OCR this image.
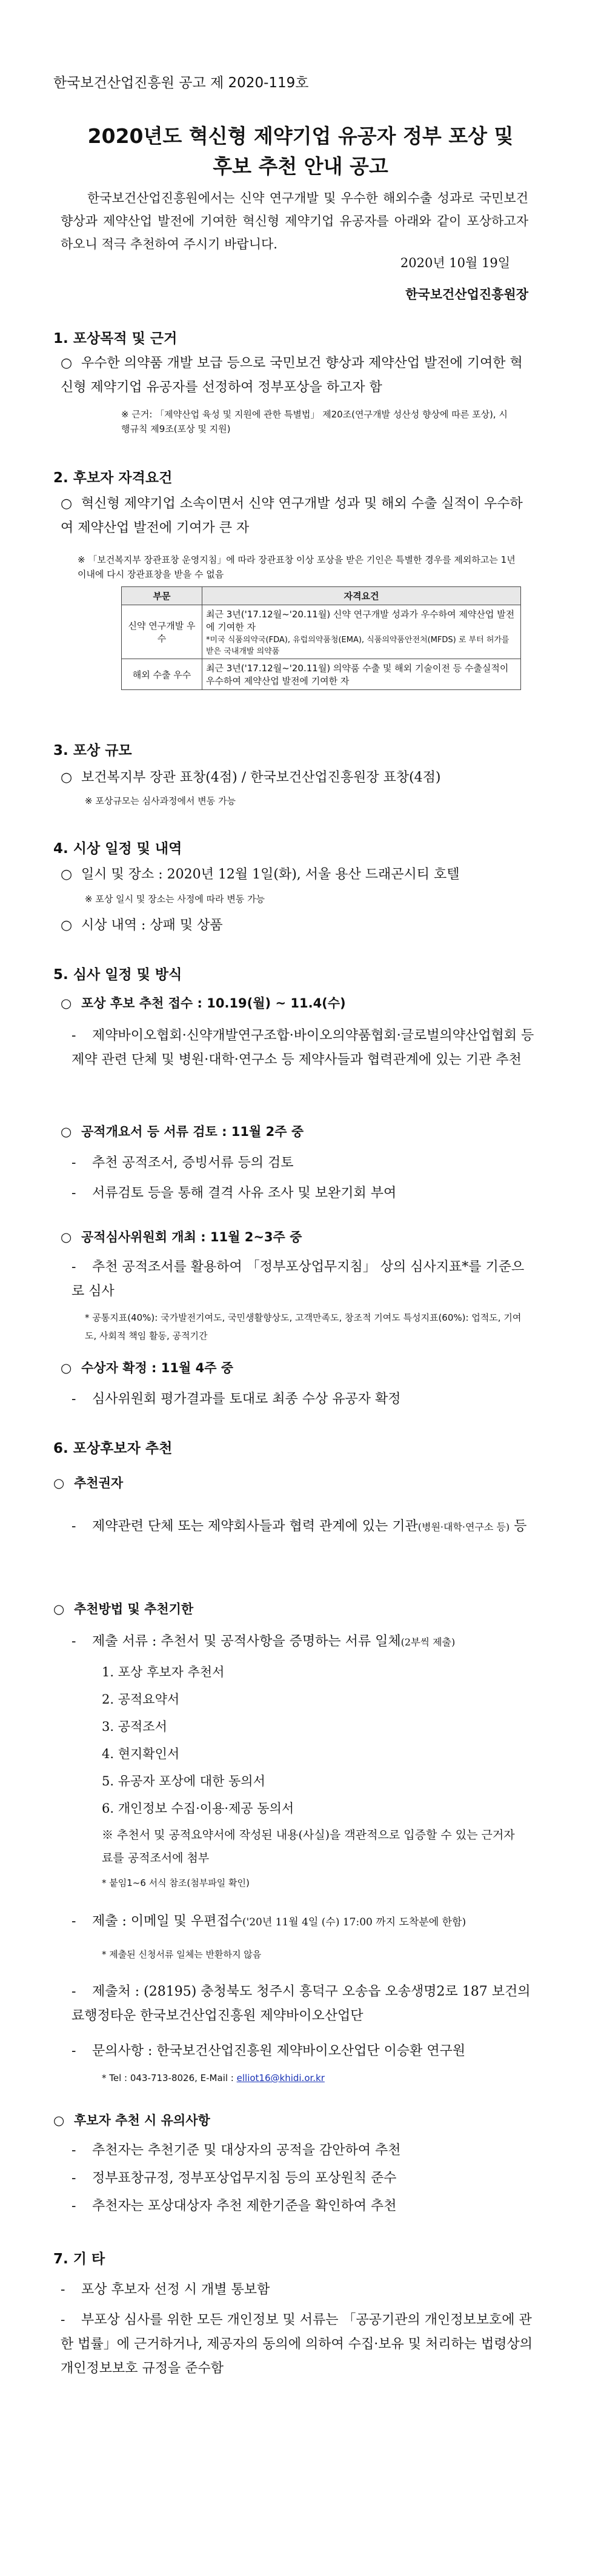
한국보건산업진흥원 공고 제 2020-119호
2020년도 혁신형 제약기업 유공자 정부 포상 및
후보 추천 안내 공고
한국보건산업진흥원에서는 신약 연구개발 및 우수한 해외수출 성과로 국민보건 향상과 제약산업 발전에 기여한 혁신형 제약기업 유공자를 아래와 같이 포상하고자 하오니 적극 추천하여 주시기 바랍니다.
2020년 10월 19일
한국보건산업진흥원장
1. 포상목적 및 근거
○ 우수한 의약품 개발 보급 등으로 국민보건 향상과 제약산업 발전에 기여한 혁신형 제약기업 유공자를 선정하여 정부포상을 하고자 함
※ 근거: 「제약산업 육성 및 지원에 관한 특별법」 제20조(연구개발 성산성 향상에 따른 포상), 시행규칙 제9조(포상 및 지원)
2. 후보자 자격요건
○ 혁신형 제약기업 소속이면서 신약 연구개발 성과 및 해외 수출 실적이 우수하여 제약산업 발전에 기여가 큰 자
※ 「보건복지부 장관표창 운영지침」에 따라 장관표창 이상 포상을 받은 기인은 특별한 경우를 제외하고는 1년 이내에 다시 장관표창을 받을 수 없음
부문	자격요건
신약 연구개발 우수	최근 3년('17.12월~'20.11월) 신약 연구개발 성과가 우수하여 제약산업 발전에 기여한 자
*미국 식품의약국(FDA), 유럽의약품청(EMA), 식품의약품안전처(MFDS) 로 부터 허가를 받은 국내개발 의약품

해외 수출 우수	최근 3년('17.12월~'20.11월) 의약품 수출 및 해외 기술이전 등 수출실적이 우수하여 제약산업 발전에 기여한 자
3. 포상 규모
○ 보건복지부 장관 표창(4점) / 한국보건산업진흥원장 표창(4점)
※ 포상규모는 심사과정에서 변동 가능
4. 시상 일정 및 내역
○ 일시 및 장소 : 2020년 12월 1일(화), 서울 용산 드래곤시티 호텔
※ 포상 일시 및 장소는 사정에 따라 변동 가능
○ 시상 내역 : 상패 및 상품
5. 심사 일정 및 방식
○ 포상 후보 추천 접수 : 10.19(월) ~ 11.4(수)
- 제약바이오협회·신약개발연구조합·바이오의약품협회·글로벌의약산업협회 등 제약 관련 단체 및 병원·대학·연구소 등 제약사들과 협력관계에 있는 기관 추천
○ 공적개요서 등 서류 검토 : 11월 2주 중
- 추천 공적조서, 증빙서류 등의 검토
- 서류검토 등을 통해 결격 사유 조사 및 보완기회 부여
○ 공적심사위원회 개최 : 11월 2~3주 중
- 추천 공적조서를 활용하여 「정부포상업무지침」 상의 심사지표*를 기준으로 심사
* 공통지표(40%): 국가발전기여도, 국민생활향상도, 고객만족도, 창조적 기여도 특성지표(60%): 업적도, 기여도, 사회적 책임 활동, 공적기간
○ 수상자 확정 : 11월 4주 중
- 심사위원회 평가결과를 토대로 최종 수상 유공자 확정
6. 포상후보자 추천
○ 추천권자
- 제약관련 단체 또는 제약회사들과 협력 관계에 있는 기관(병원·대학·연구소 등) 등
○ 추천방법 및 추천기한
- 제출 서류 : 추천서 및 공적사항을 증명하는 서류 일체(2부씩 제출)
1. 포상 후보자 추천서
2. 공적요약서
3. 공적조서
4. 현지확인서
5. 유공자 포상에 대한 동의서
6. 개인정보 수집·이용·제공 동의서
※ 추천서 및 공적요약서에 작성된 내용(사실)을 객관적으로 입증할 수 있는 근거자료를 공적조서에 첨부
* 붙임1~6 서식 참조(첨부파일 확인)
- 제출 : 이메일 및 우편접수('20년 11월 4일 (수) 17:00 까지 도착분에 한함)
* 제출된 신청서류 일체는 반환하지 않음
- 제출처 : (28195) 충청북도 청주시 흥덕구 오송읍 오송생명2로 187 보건의료행정타운 한국보건산업진흥원 제약바이오산업단
- 문의사항 : 한국보건산업진흥원 제약바이오산업단 이승환 연구원
* Tel : 043-713-8026, E-Mail : elliot16@khidi.or.kr
○ 후보자 추천 시 유의사항
- 추천자는 추천기준 및 대상자의 공적을 감안하여 추천
- 정부표창규정, 정부포상업무지침 등의 포상원칙 준수
- 추천자는 포상대상자 추천 제한기준을 확인하여 추천
7. 기 타
- 포상 후보자 선정 시 개별 통보함
- 부포상 심사를 위한 모든 개인정보 및 서류는 「공공기관의 개인정보보호에 관한 법률」에 근거하거나, 제공자의 동의에 의하여 수집·보유 및 처리하는 법령상의 개인정보보호 규정을 준수함
